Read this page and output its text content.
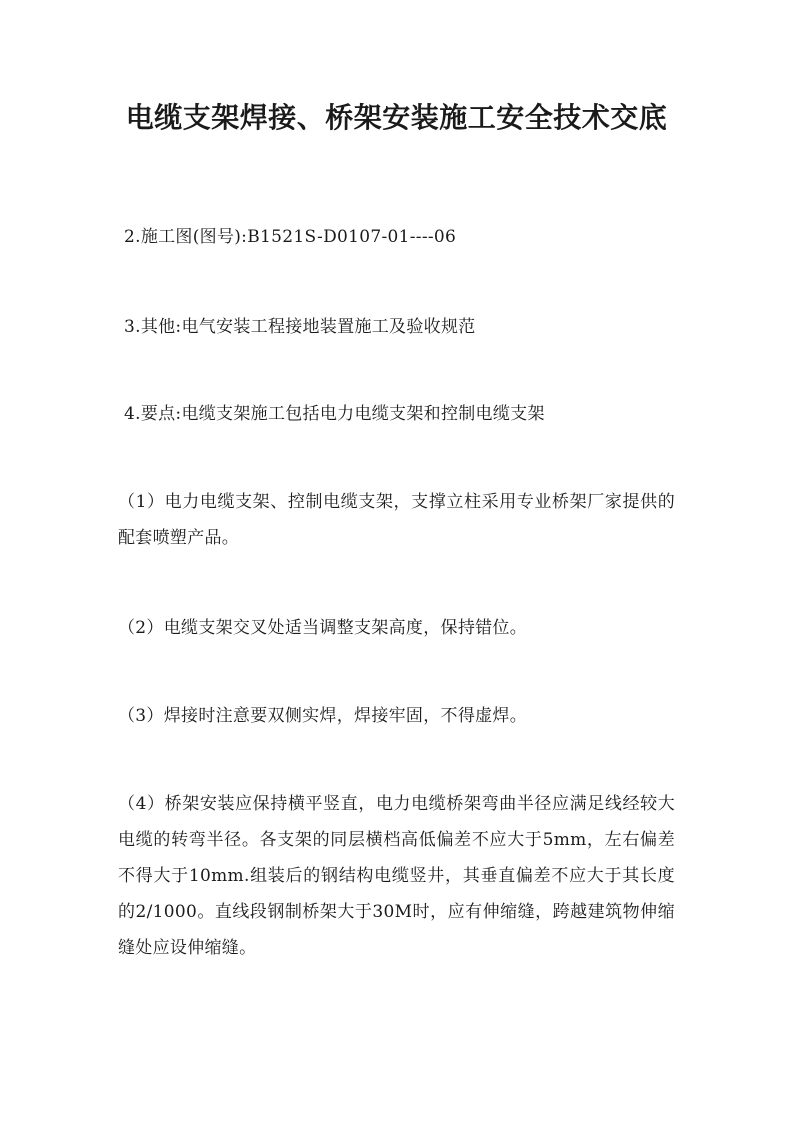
电缆支架焊接、桥架安装施工安全技术交底

2.施工图(图号):B1521S-D0107-01----06

3.其他:电气安装工程接地装置施工及验收规范

4.要点:电缆支架施工包括电力电缆支架和控制电缆支架

（1）电力电缆支架、控制电缆支架，支撑立柱采用专业桥架厂家提供的配套喷塑产品。

（2）电缆支架交叉处适当调整支架高度，保持错位。

（3）焊接时注意要双侧实焊，焊接牢固，不得虚焊。

（4）桥架安装应保持横平竖直，电力电缆桥架弯曲半径应满足线经较大电缆的转弯半径。各支架的同层横档高低偏差不应大于5mm，左右偏差不得大于10mm.组装后的钢结构电缆竖井，其垂直偏差不应大于其长度的2/1000。直线段钢制桥架大于30M时，应有伸缩缝，跨越建筑物伸缩缝处应设伸缩缝。
